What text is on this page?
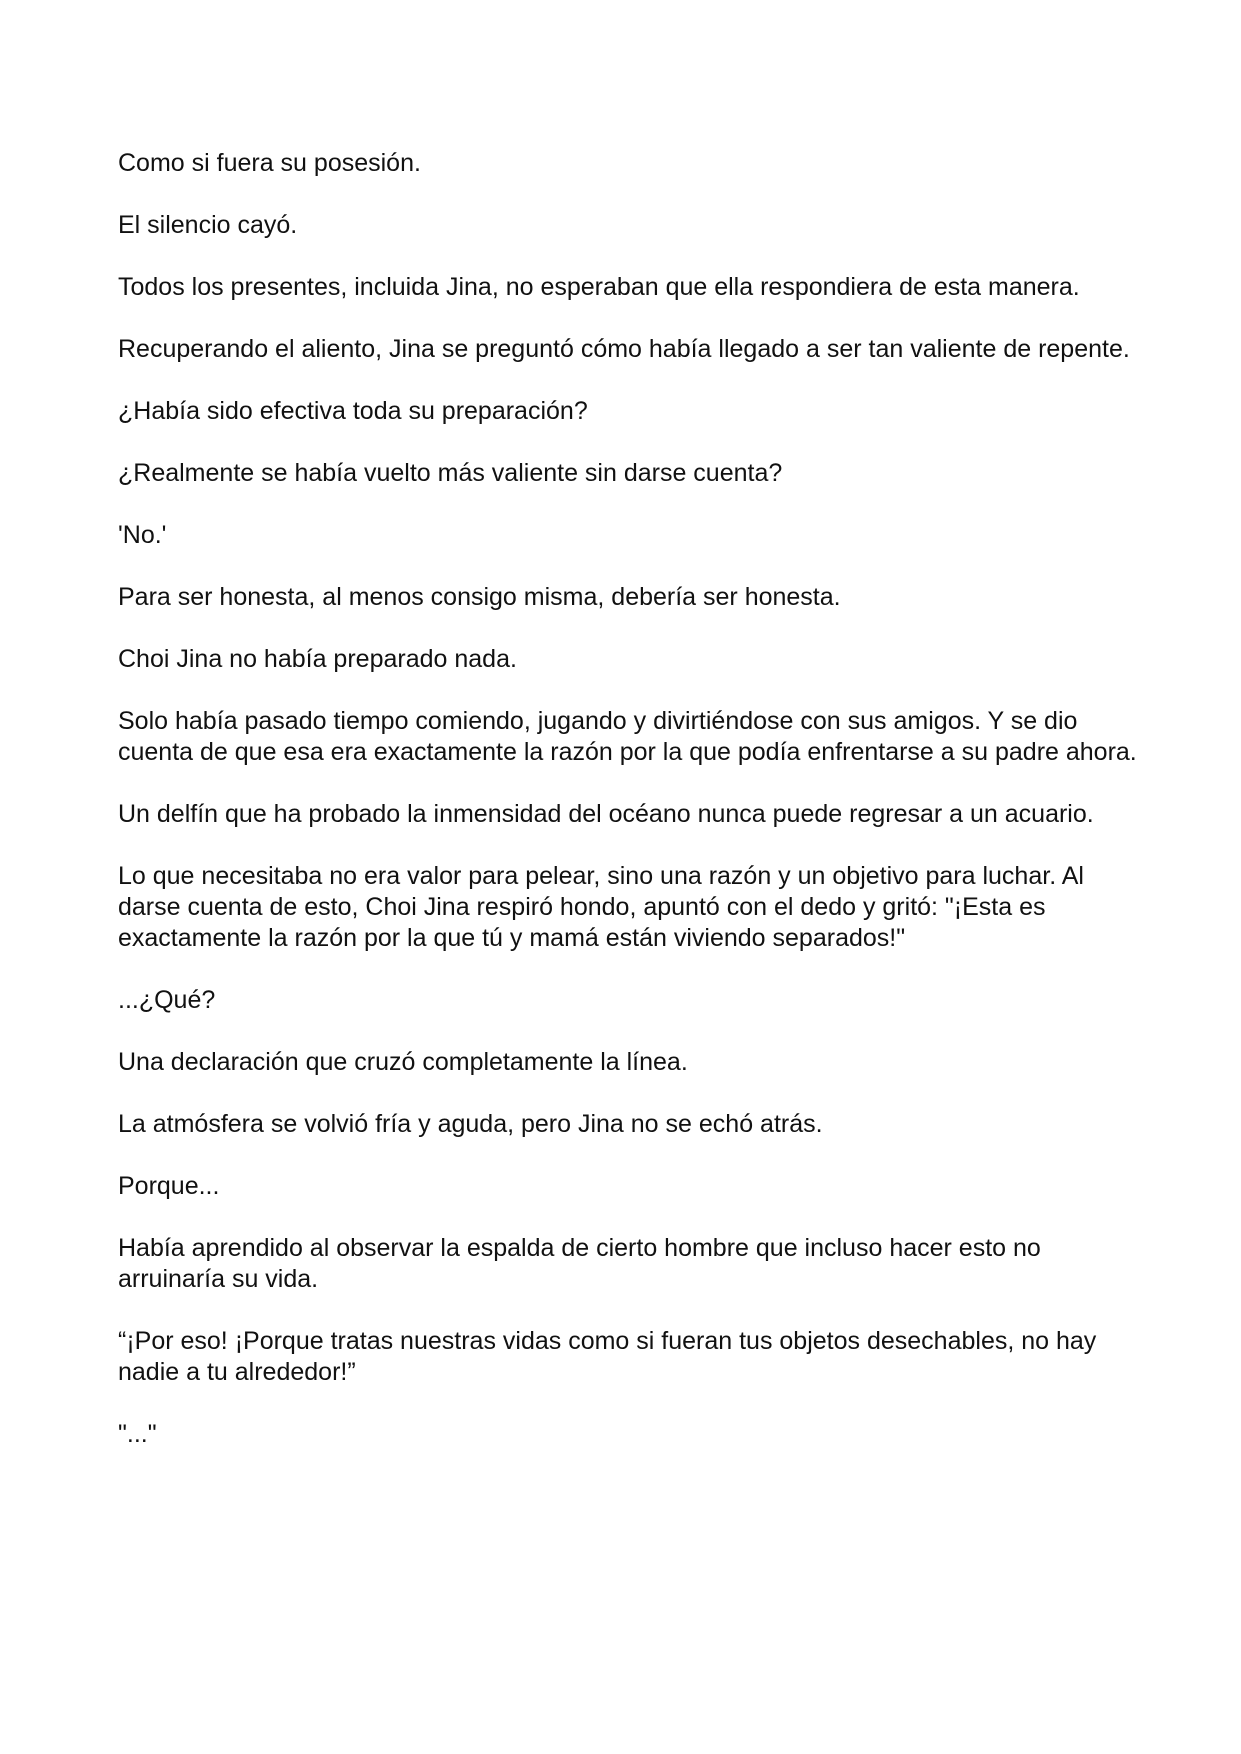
Como si fuera su posesión.

El silencio cayó.

Todos los presentes, incluida Jina, no esperaban que ella respondiera de esta manera.

Recuperando el aliento, Jina se preguntó cómo había llegado a ser tan valiente de repente.

¿Había sido efectiva toda su preparación?

¿Realmente se había vuelto más valiente sin darse cuenta?

'No.'

Para ser honesta, al menos consigo misma, debería ser honesta.

Choi Jina no había preparado nada.

Solo había pasado tiempo comiendo, jugando y divirtiéndose con sus amigos. Y se dio cuenta de que esa era exactamente la razón por la que podía enfrentarse a su padre ahora.

Un delfín que ha probado la inmensidad del océano nunca puede regresar a un acuario.

Lo que necesitaba no era valor para pelear, sino una razón y un objetivo para luchar. Al darse cuenta de esto, Choi Jina respiró hondo, apuntó con el dedo y gritó: "¡Esta es exactamente la razón por la que tú y mamá están viviendo separados!"

...¿Qué?

Una declaración que cruzó completamente la línea.

La atmósfera se volvió fría y aguda, pero Jina no se echó atrás.

Porque...

Había aprendido al observar la espalda de cierto hombre que incluso hacer esto no arruinaría su vida.

“¡Por eso! ¡Porque tratas nuestras vidas como si fueran tus objetos desechables, no hay nadie a tu alrededor!”

"..."
